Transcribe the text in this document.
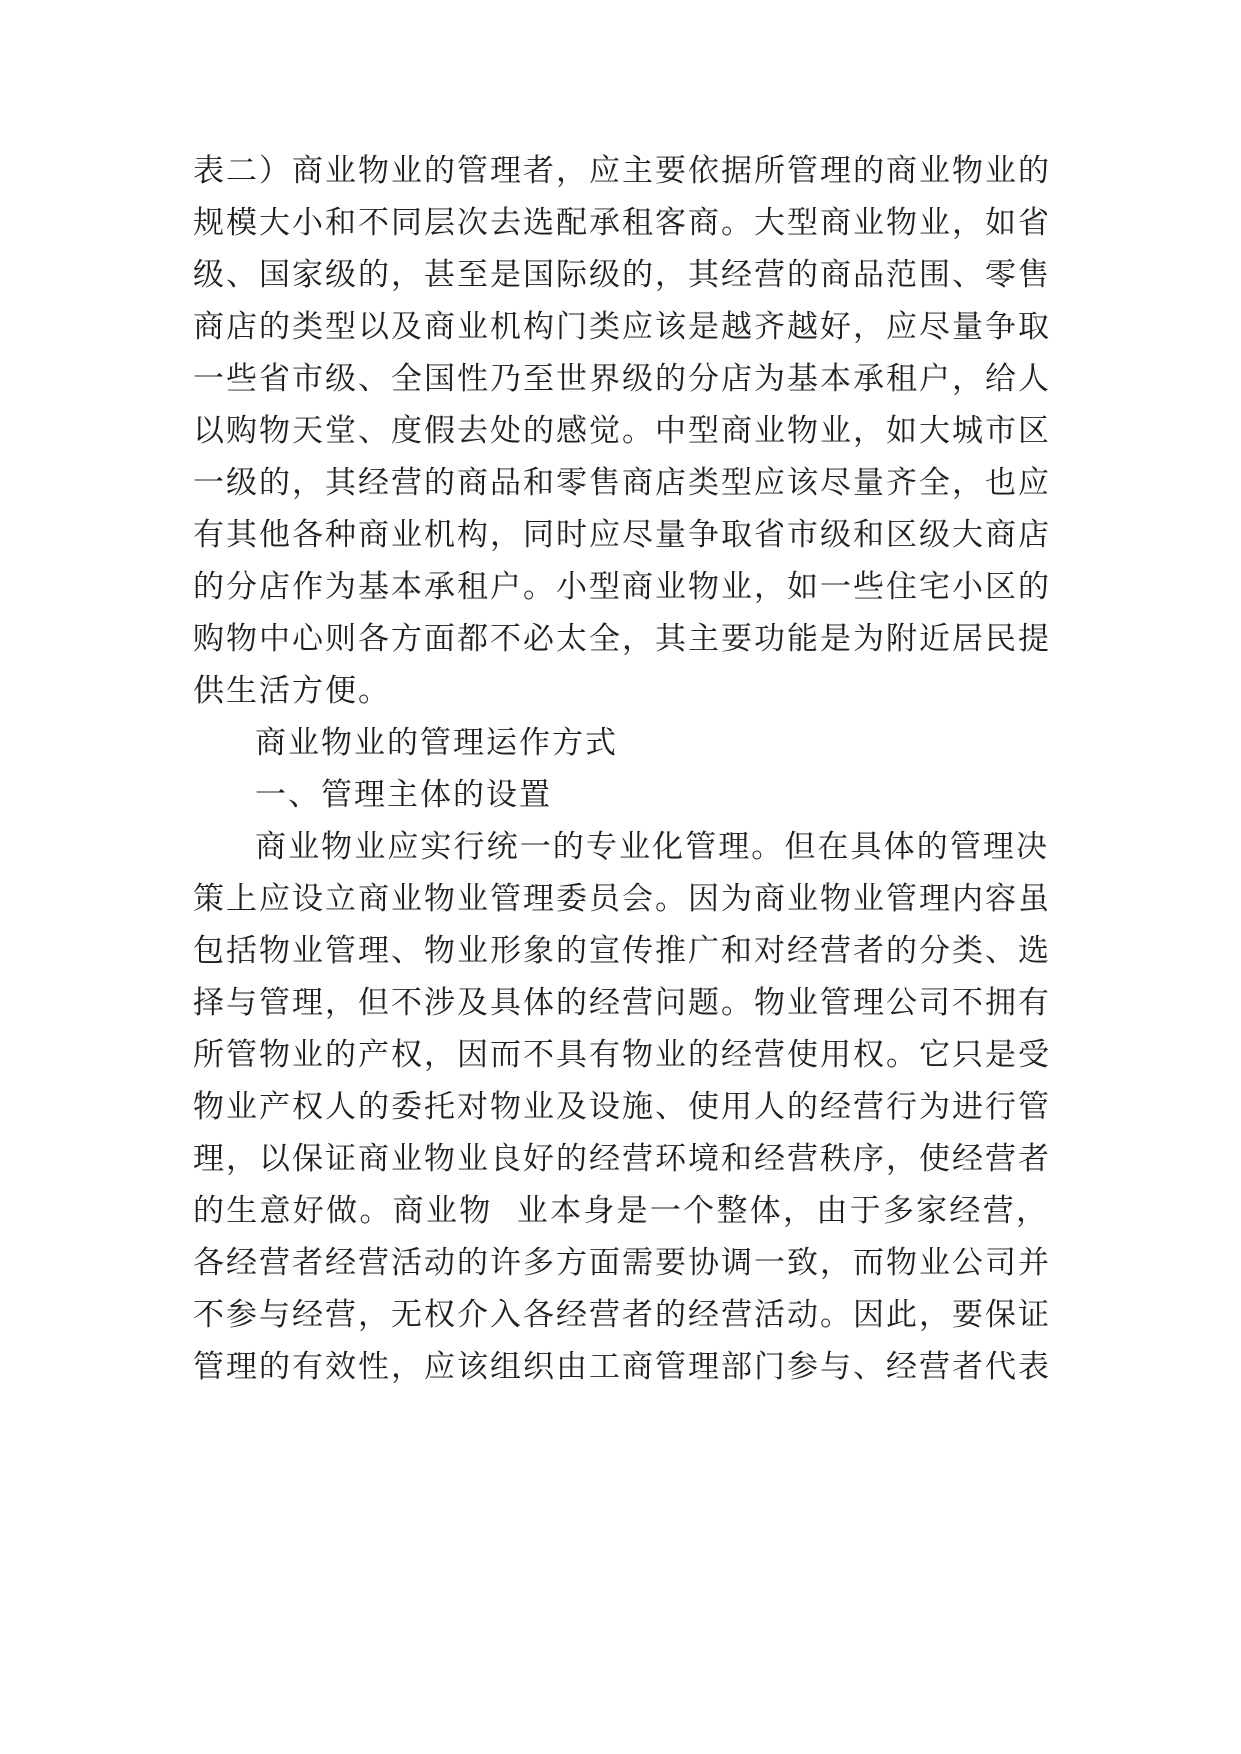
表二）商业物业的管理者，应主要依据所管理的商业物业的
规模大小和不同层次去选配承租客商。大型商业物业，如省
级、国家级的，甚至是国际级的，其经营的商品范围、零售
商店的类型以及商业机构门类应该是越齐越好，应尽量争取
一些省市级、全国性乃至世界级的分店为基本承租户，给人
以购物天堂、度假去处的感觉。中型商业物业，如大城市区
一级的，其经营的商品和零售商店类型应该尽量齐全，也应
有其他各种商业机构，同时应尽量争取省市级和区级大商店
的分店作为基本承租户。小型商业物业，如一些住宅小区的
购物中心则各方面都不必太全，其主要功能是为附近居民提
供生活方便。
商业物业的管理运作方式
一、管理主体的设置
商业物业应实行统一的专业化管理。但在具体的管理决
策上应设立商业物业管理委员会。因为商业物业管理内容虽
包括物业管理、物业形象的宣传推广和对经营者的分类、选
择与管理，但不涉及具体的经营问题。物业管理公司不拥有
所管物业的产权，因而不具有物业的经营使用权。它只是受
物业产权人的委托对物业及设施、使用人的经营行为进行管
理，以保证商业物业良好的经营环境和经营秩序，使经营者
的生意好做。商业物  业本身是一个整体，由于多家经营，
各经营者经营活动的许多方面需要协调一致，而物业公司并
不参与经营，无权介入各经营者的经营活动。因此，要保证
管理的有效性，应该组织由工商管理部门参与、经营者代表
